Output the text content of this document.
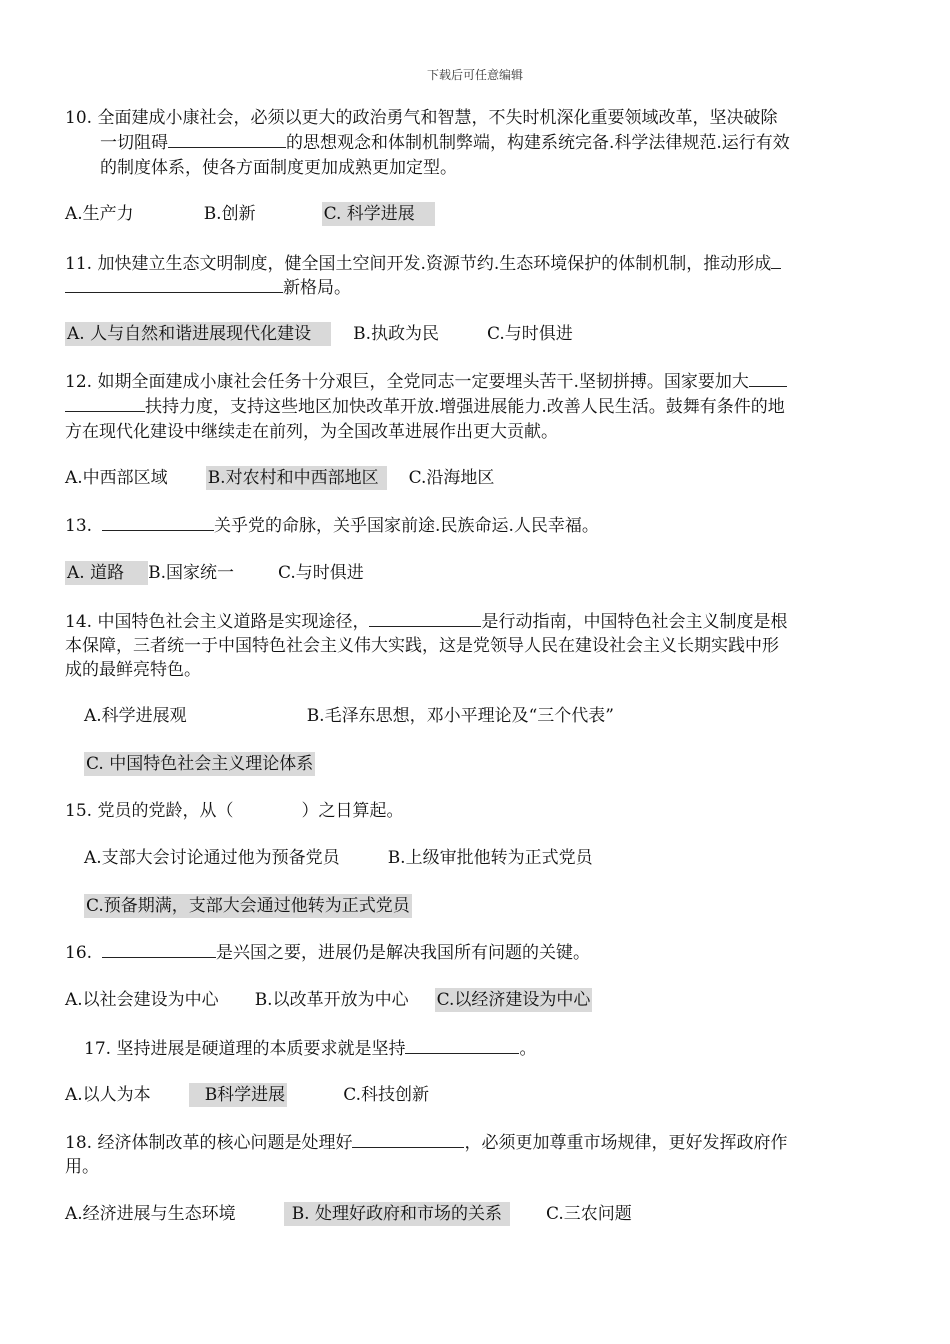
下载后可任意编辑
10. 全面建成小康社会，必须以更大的政治勇气和智慧，不失时机深化重要领域改革，坚决破除
一切阻碍	的思想观念和体制机制弊端，构建系统完备.科学法律规范.运行有效
的制度体系，使各方面制度更加成熟更加定型。
A.生产力	B.创新	C. 科学进展
11. 加快建立生态文明制度，健全国土空间开发.资源节约.生态环境保护的体制机制，推动形成
新格局。
A. 人与自然和谐进展现代化建设 B.执政为民	C.与时俱进
12. 如期全面建成小康社会任务十分艰巨，全党同志一定要埋头苦干.坚韧拼搏。国家要加大
扶持力度，支持这些地区加快改革开放.增强进展能力.改善人民生活。鼓舞有条件的地
方在现代化建设中继续走在前列，为全国改革进展作出更大贡献。
A.中西部区域 B.对农村和中西部地区 C.沿海地区
13.	关乎党的命脉，关乎国家前途.民族命运.人民幸福。
A. 道路 B.国家统一	C.与时俱进
14. 中国特色社会主义道路是实现途径，	是行动指南，中国特色社会主义制度是根
本保障，三者统一于中国特色社会主义伟大实践，这是党领导人民在建设社会主义长期实践中形
成的最鲜亮特色。
A.科学进展观	B.毛泽东思想，邓小平理论及“三个代表”
C. 中国特色社会主义理论体系
15. 党员的党龄，从（　　　　）之日算起。
A.支部大会讨论通过他为预备党员	B.上级审批他转为正式党员
C.预备期满，支部大会通过他转为正式党员
16.	是兴国之要，进展仍是解决我国所有问题的关键。
A.以社会建设为中心 B.以改革开放为中心 C.以经济建设为中心
17. 坚持进展是硬道理的本质要求就是坚持	。
A.以人为本	B科学进展	C.科技创新
18. 经济体制改革的核心问题是处理好	，必须更加尊重市场规律，更好发挥政府作
用。
A.经济进展与生态环境	B. 处理好政府和市场的关系	C.三农问题
